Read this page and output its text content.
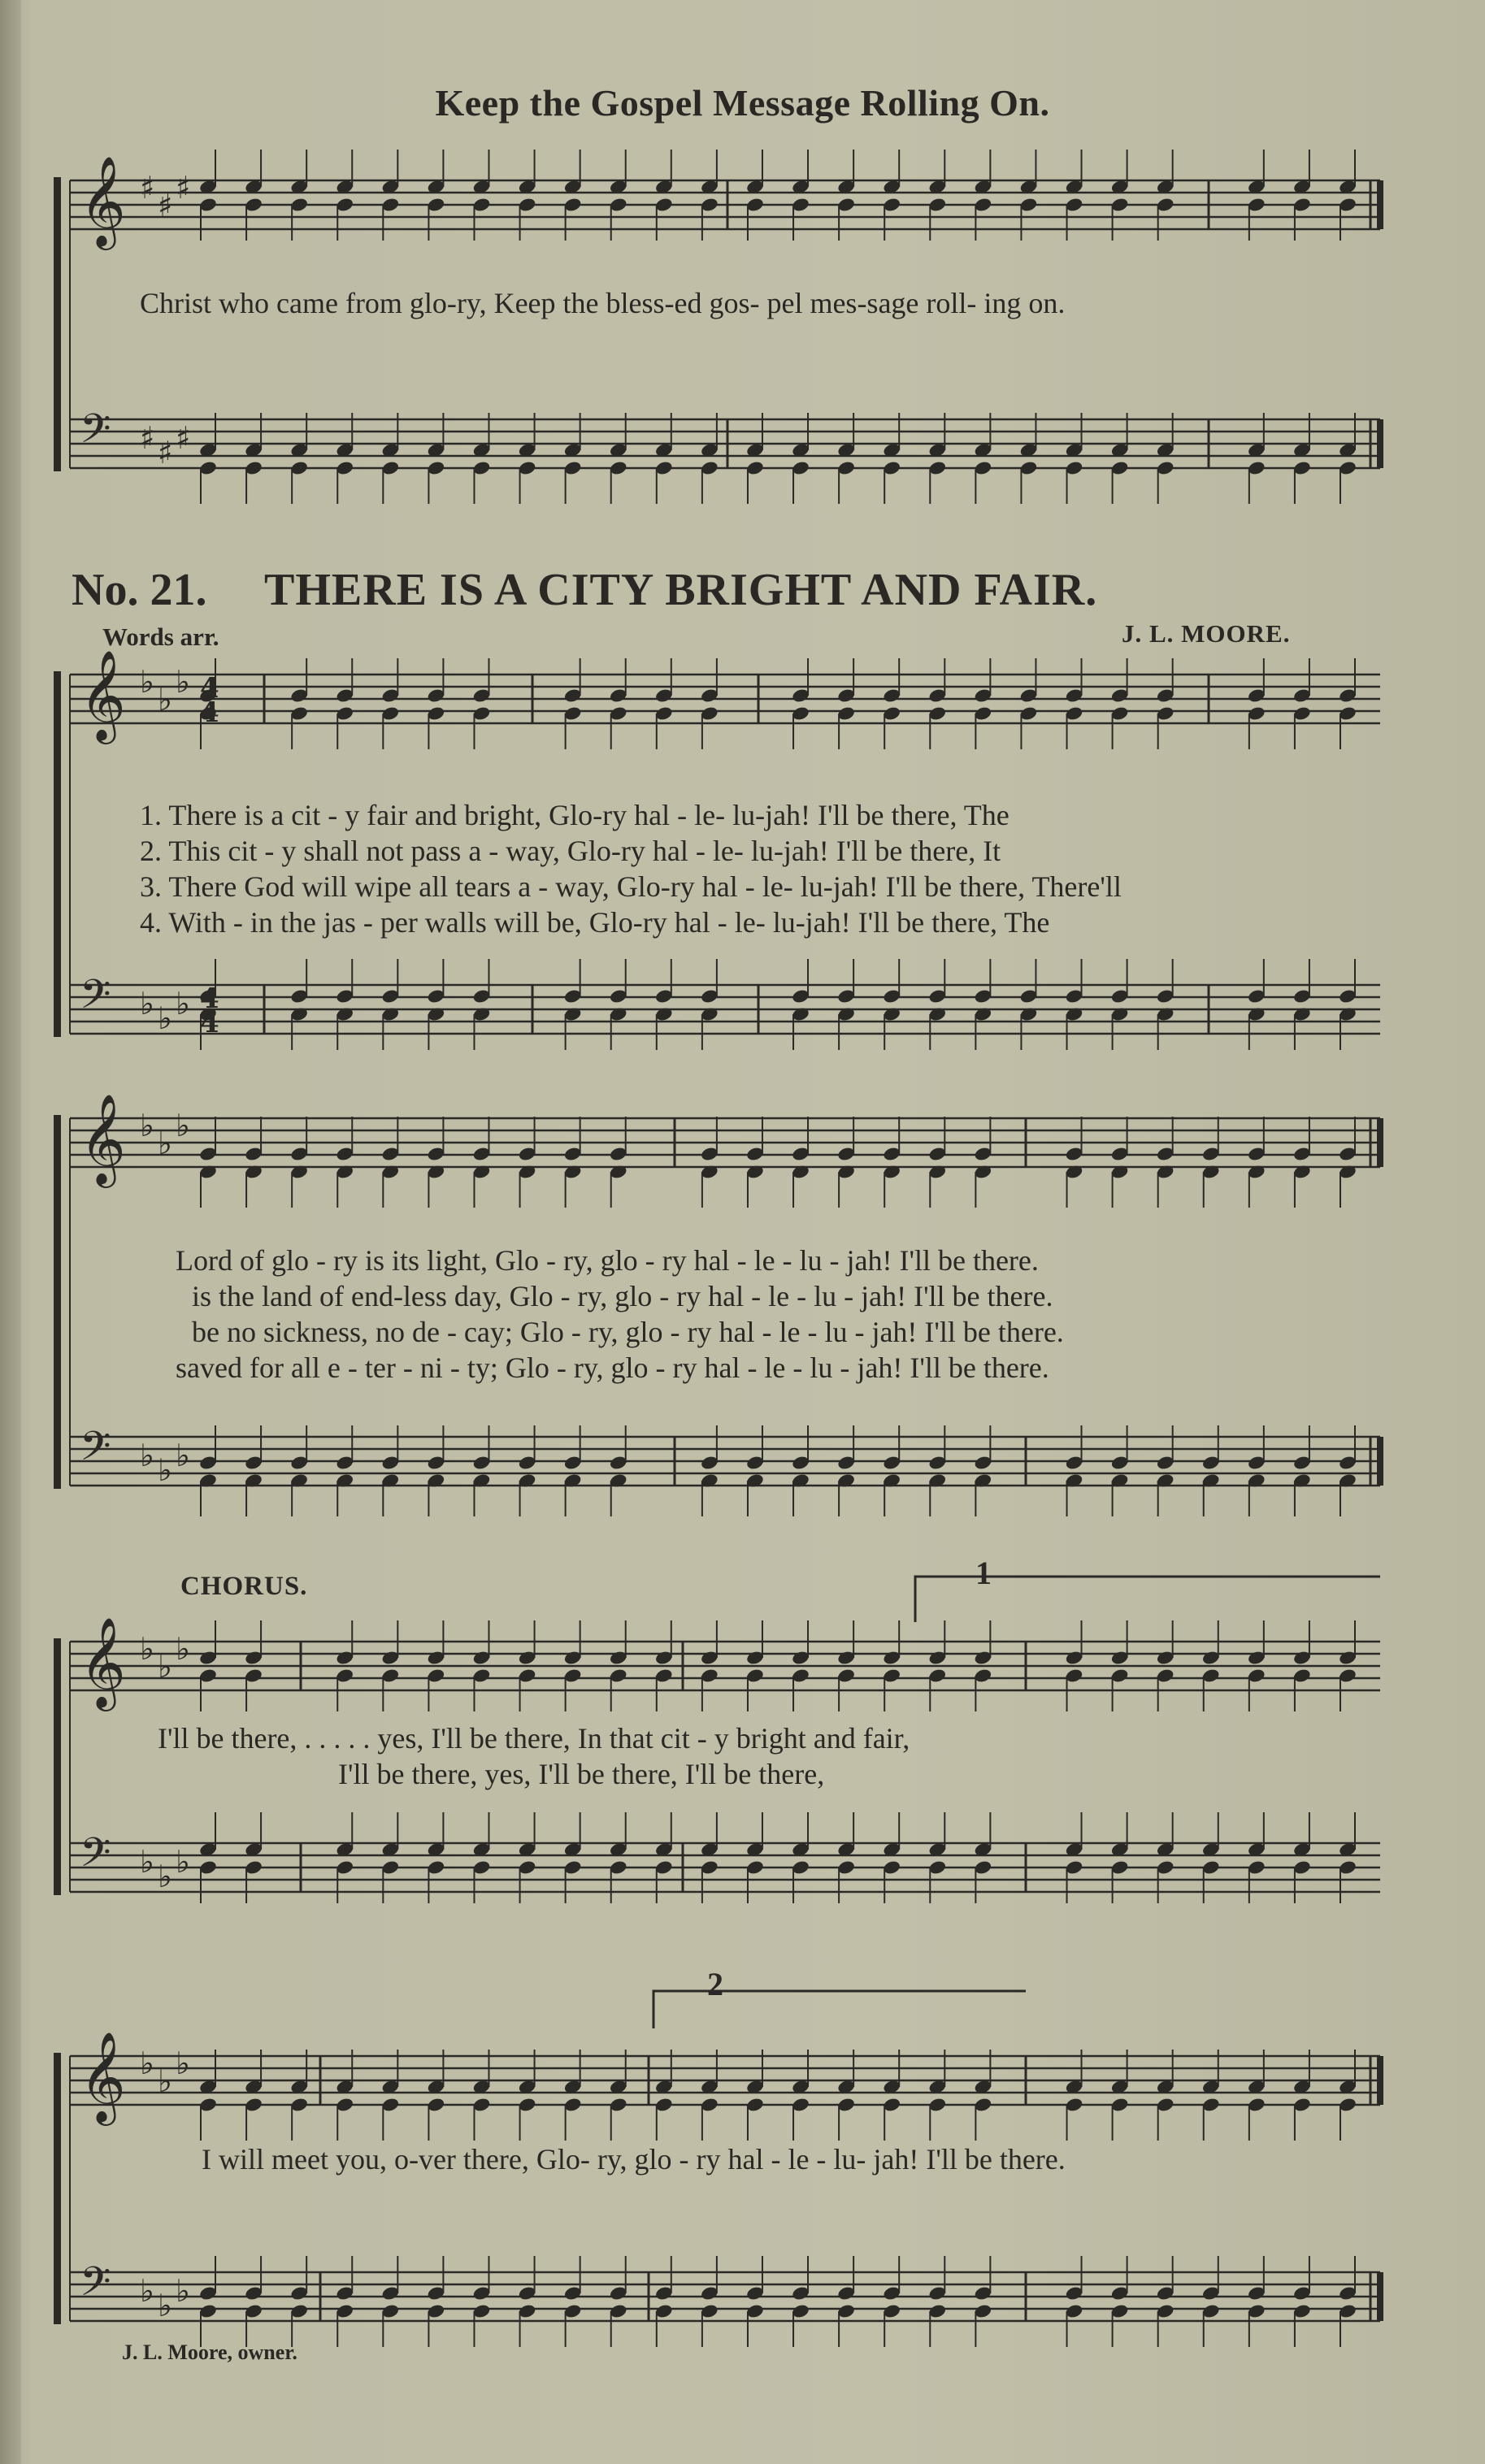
𝄞 ♯ ♯ ♯
𝄢 ♯ ♯ ♯
𝄞 ♭ ♭ ♭
𝄢 ♭ ♭ ♭
4
4
4
4
𝄞 ♭ ♭ ♭
𝄢 ♭ ♭ ♭
𝄞 ♭ ♭ ♭
𝄢 ♭ ♭ ♭
𝄞 ♭ ♭ ♭
𝄢 ♭ ♭ ♭
Keep the Gospel Message Rolling On.
Christ who came from glo-ry, Keep the bless-ed gos- pel mes-sage roll- ing on.
No. 21. THERE IS A CITY BRIGHT AND FAIR.
Words arr.	J. L. MOORE.
1. There is a cit - y fair and bright, Glo-ry hal - le- lu-jah! I'll be there, The
2. This cit - y shall not pass a - way, Glo-ry hal - le- lu-jah! I'll be there, It
3. There God will wipe all tears a - way, Glo-ry hal - le- lu-jah! I'll be there, There'll
4. With - in the jas - per walls will be, Glo-ry hal - le- lu-jah! I'll be there, The
Lord of glo - ry is its light, Glo - ry, glo - ry hal - le - lu - jah! I'll be there.
is the land of end-less day, Glo - ry, glo - ry hal - le - lu - jah! I'll be there.
be no sickness, no de - cay; Glo - ry, glo - ry hal - le - lu - jah! I'll be there.
saved for all e - ter - ni - ty; Glo - ry, glo - ry hal - le - lu - jah! I'll be there.
CHORUS.
I'll be there, . . . . . yes, I'll be there, In that cit - y bright and fair,
I'll be there, yes, I'll be there, I'll be there,
I will meet you, o-ver there, Glo- ry, glo - ry hal - le - lu- jah! I'll be there.
1
2
J. L. Moore, owner.
